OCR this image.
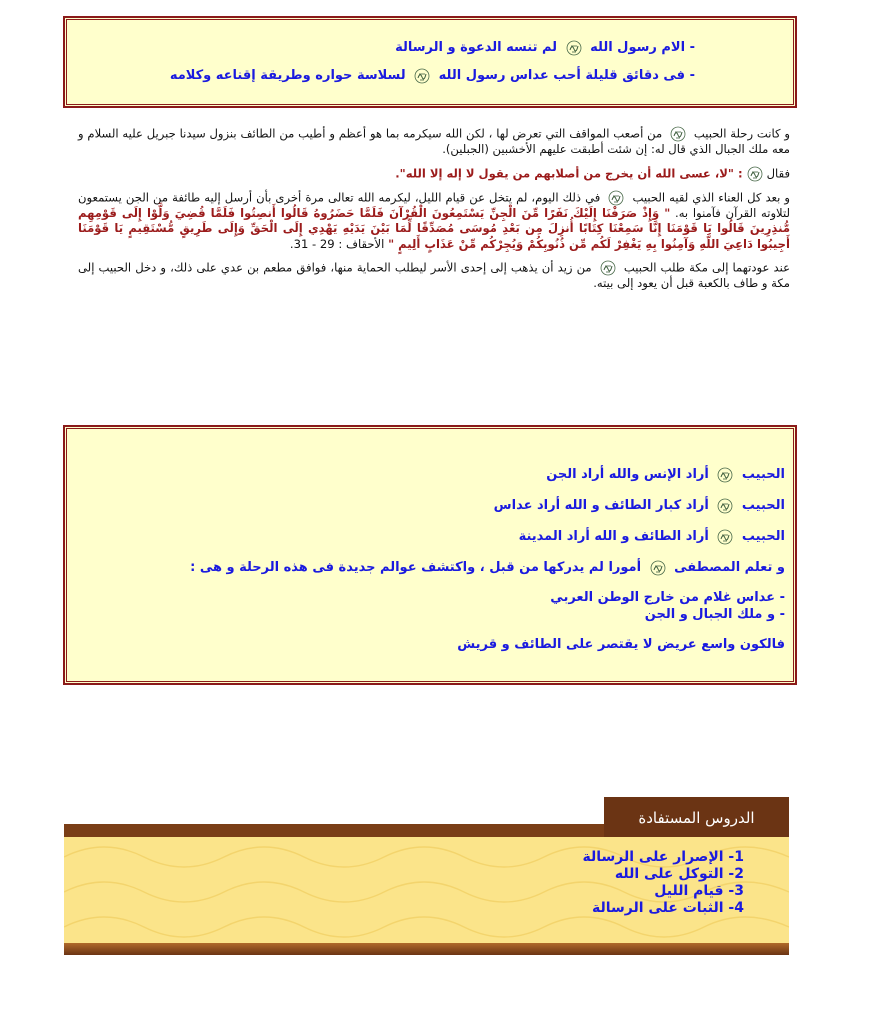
- الام رسول الله  لم تنسه الدعوة و الرسالة
- فى دقائق قليلة أحب عداس رسول الله  لسلاسة حواره وطريقة إقناعه وكلامه

و كانت رحلة الحبيب  من أصعب المواقف التي تعرض لها ، لكن الله سيكرمه بما هو أعظم و أطيب من الطائف بنزول سيدنا جبريل عليه السلام و معه ملك الجبال الذي قال له: إن شئت أطبقت عليهم الأخشبين (الجبلين).

فقال: "لا، عسى الله أن يخرج من أصلابهم من يقول لا إله إلا الله".

و بعد كل العناء الذي لقيه الحبيب  في ذلك اليوم، لم يتخل عن قيام الليل، ليكرمه الله تعالى مرة أخرى بأن أرسل إليه طائفة من الجن يستمعون لتلاوته القرآن فآمنوا به. " وَإِذْ صَرَفْنَا إِلَيْكَ نَفَرًا مِّنَ الْجِنِّ يَسْتَمِعُونَ الْقُرْآنَ فَلَمَّا حَضَرُوهُ قَالُوا أَنصِتُوا فَلَمَّا قُضِيَ وَلَّوْا إِلَى قَوْمِهِم مُّنذِرِينَ قَالُوا يَا قَوْمَنَا إِنَّا سَمِعْنَا كِتَابًا أُنزِلَ مِن بَعْدِ مُوسَى مُصَدِّقًا لِّمَا بَيْنَ يَدَيْهِ يَهْدِي إِلَى الْحَقِّ وَإِلَى طَرِيقٍ مُّسْتَقِيمٍ يَا قَوْمَنَا أَجِيبُوا دَاعِيَ اللَّهِ وَآمِنُوا بِهِ يَغْفِرْ لَكُم مِّن ذُنُوبِكُمْ وَيُجِرْكُم مِّنْ عَذَابٍ أَلِيمٍ " الأحقاف : 29 - 31.

عند عودتهما إلى مكة طلب الحبيب  من زيد أن يذهب إلى إحدى الأسر ليطلب الحماية منها، فوافق مطعم بن عدي على ذلك، و دخل الحبيب إلى مكة و طاف بالكعبة قبل أن يعود إلى بيته.

الحبيب  أراد الإنس والله أراد الجن
الحبيب  أراد كبار الطائف و الله أراد عداس
الحبيب  أراد الطائف و الله أراد المدينة
و تعلم المصطفى  أمورا لم يدركها من قبل ، واكتشف عوالم جديدة فى هذه الرحلة و هى :
- عداس غلام من خارج الوطن العربي
- و ملك الجبال و الجن
فالكون واسع عريض لا يقتصر على الطائف و قريش
الدروس المستفادة
1- الإصرار على الرسالة
2- التوكل على الله
3- قيام الليل
4- الثبات على الرسالة
